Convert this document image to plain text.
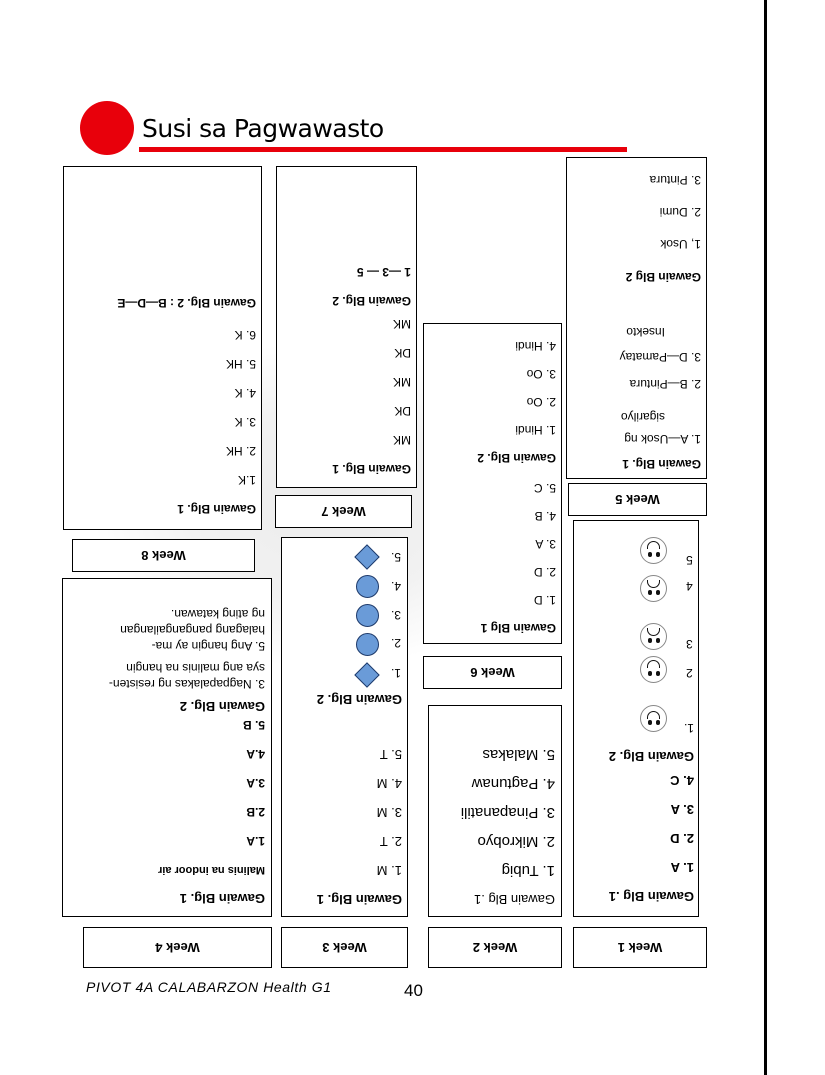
Susi sa Pagwawasto
Week 1
Gawain Blg .1
1. A
2. D
3. A
4. C
Gawain Blg. 2
1.
2
3
4
5
Week 2
Gawain Blg .1
1. Tubig
2. Mikrobyo
3. Pinapanatili
4. Pagtunaw
5. Malakas
Week 3
Gawain Blg. 1
1. M
2. T
3. M
4. M
5. T
Gawain Blg. 2
1.
2.
3.
4.
5.
Week 4
Gawain Blg. 1
Malinis na indoor air
1.A
2.B
3.A
4.A
5. B
Gawain Blg. 2
3. Nagpapalakas ng resisten-
sya ang malinis na hangin
5. Ang hangin ay ma-
halagang pangangailangan
ng ating katawan.
Week 5
Gawain Blg. 1
1. A—Usok ng
sigarilyo
2. B—Pintura
3. D—Pamatay
Insekto
Gawain Blg 2
1, Usok
2. Dumi
3. Pintura
Week 6
Gawain Blg 1
1. D
2. D
3. A
4. B
5. C
Gawain Blg. 2
1. Hindi
2. Oo
3. Oo
4. Hindi
Week 7
Gawain Blg. 1
MK
DK
MK
DK
MK
Gawain Blg. 2
1 —3 — 5
Week 8
Gawain Blg. 1
1.K
2. HK
3. K
4. K
5. HK
6. K
Gawain Blg. 2 : B—D—E
PIVOT 4A CALABARZON Health G1	40
